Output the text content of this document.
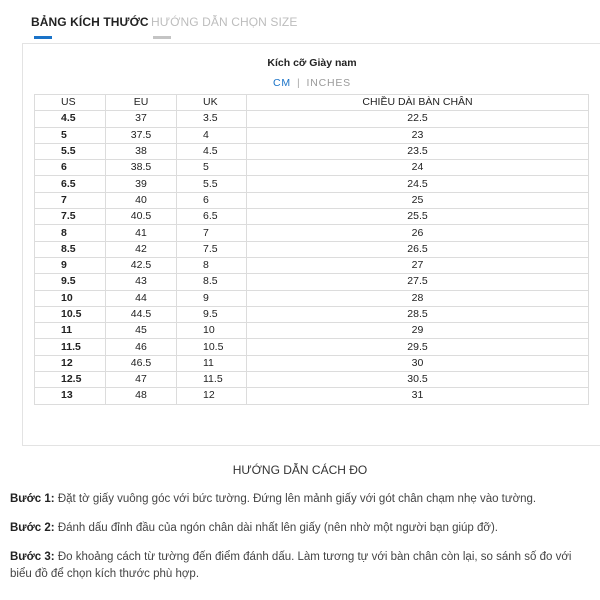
BẢNG KÍCH THƯỚC HƯỚNG DẪN CHỌN SIZE
Kích cỡ Giày nam
CM | INCHES
US	EU	UK	CHIỀU DÀI BÀN CHÂN
4.5	37	3.5	22.5
5	37.5	4	23
5.5	38	4.5	23.5
6	38.5	5	24
6.5	39	5.5	24.5
7	40	6	25
7.5	40.5	6.5	25.5
8	41	7	26
8.5	42	7.5	26.5
9	42.5	8	27
9.5	43	8.5	27.5
10	44	9	28
10.5	44.5	9.5	28.5
11	45	10	29
11.5	46	10.5	29.5
12	46.5	11	30
12.5	47	11.5	30.5
13	48	12	31
HƯỚNG DẪN CÁCH ĐO
Bước 1: Đặt tờ giấy vuông góc với bức tường. Đứng lên mảnh giấy với gót chân chạm nhẹ vào tường.
Bước 2: Đánh dấu đỉnh đầu của ngón chân dài nhất lên giấy (nên nhờ một người bạn giúp đỡ).
Bước 3: Đo khoảng cách từ tường đến điểm đánh dấu. Làm tương tự với bàn chân còn lại, so sánh số đo với biểu đồ để chọn kích thước phù hợp.
